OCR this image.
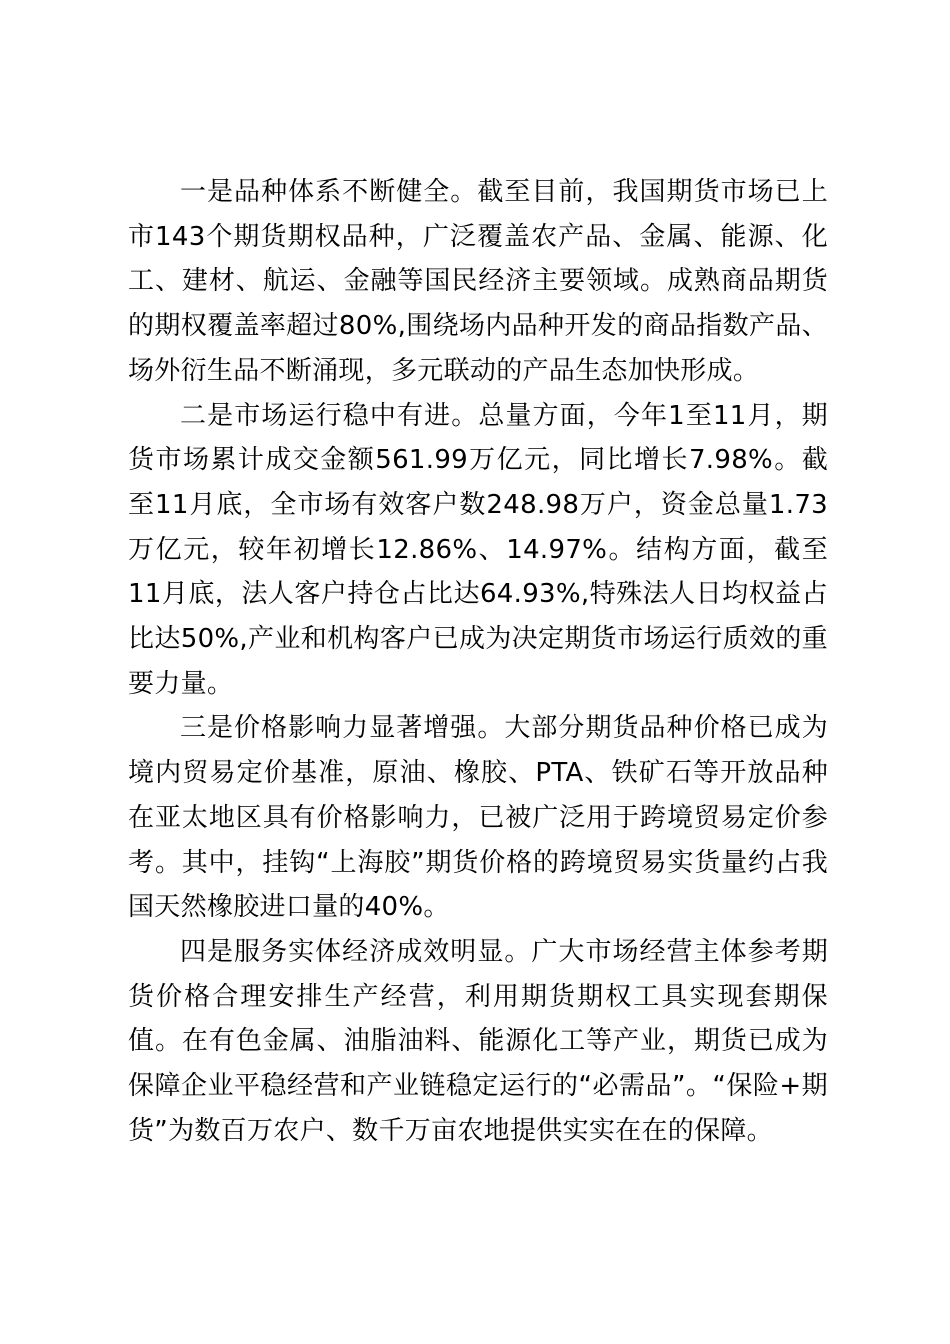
一是品种体系不断健全。截至目前，我国期货市场已上市143个期货期权品种，广泛覆盖农产品、金属、能源、化工、建材、航运、金融等国民经济主要领域。成熟商品期货的期权覆盖率超过80%,围绕场内品种开发的商品指数产品、场外衍生品不断涌现，多元联动的产品生态加快形成。

二是市场运行稳中有进。总量方面，今年1至11月，期货市场累计成交金额561.99万亿元，同比增长7.98%。截至11月底，全市场有效客户数248.98万户，资金总量1.73万亿元，较年初增长12.86%、14.97%。结构方面，截至11月底，法人客户持仓占比达64.93%,特殊法人日均权益占比达50%,产业和机构客户已成为决定期货市场运行质效的重要力量。

三是价格影响力显著增强。大部分期货品种价格已成为境内贸易定价基准，原油、橡胶、PTA、铁矿石等开放品种在亚太地区具有价格影响力，已被广泛用于跨境贸易定价参考。其中，挂钩“上海胶”期货价格的跨境贸易实货量约占我国天然橡胶进口量的40%。

四是服务实体经济成效明显。广大市场经营主体参考期货价格合理安排生产经营，利用期货期权工具实现套期保值。在有色金属、油脂油料、能源化工等产业，期货已成为保障企业平稳经营和产业链稳定运行的“必需品”。“保险+期货”为数百万农户、数千万亩农地提供实实在在的保障。
